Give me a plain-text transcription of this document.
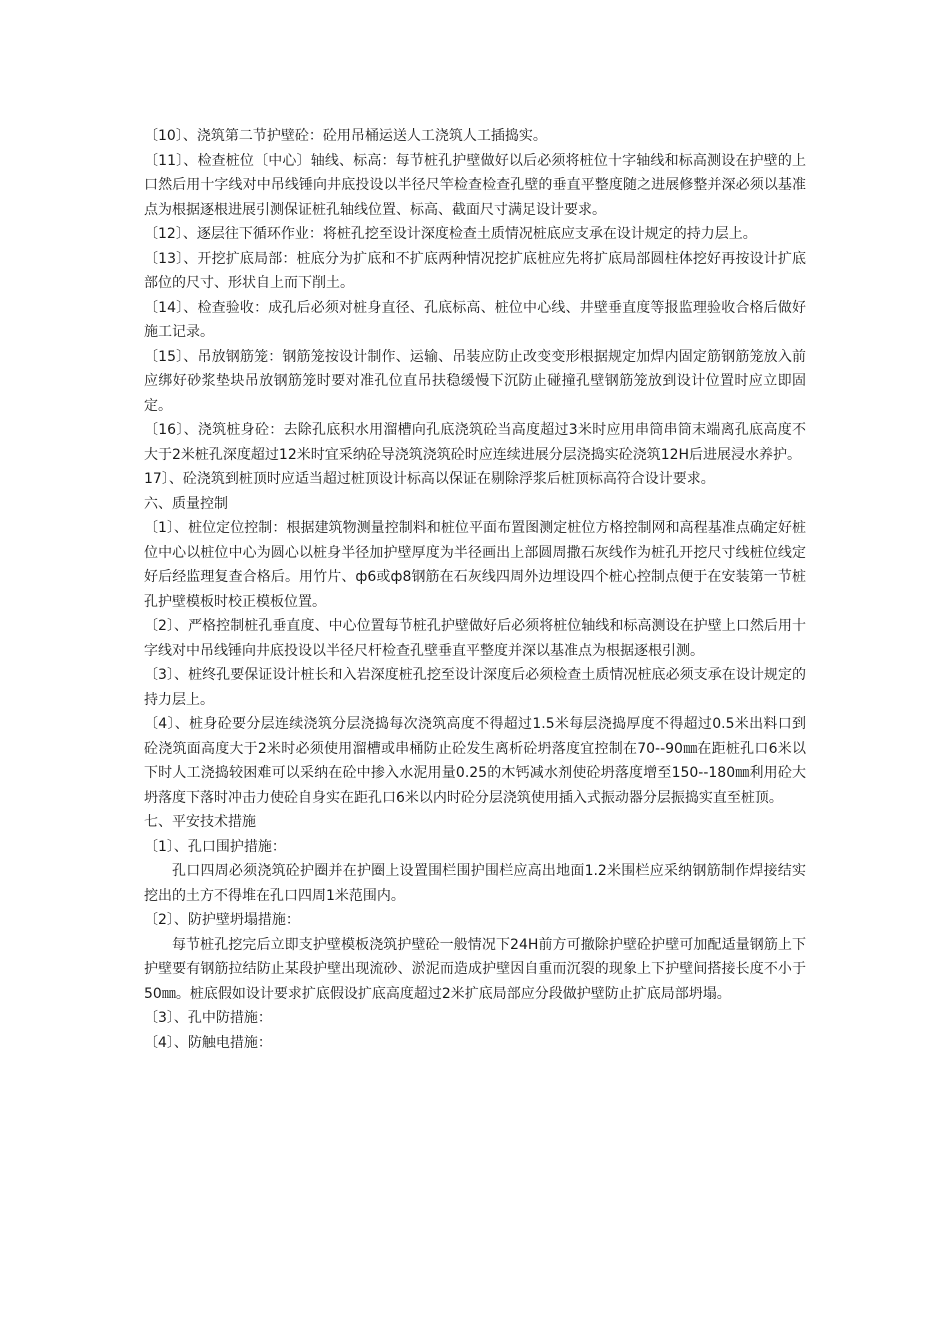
〔10〕、浇筑第二节护壁砼：砼用吊桶运送人工浇筑人工插捣实。

〔11〕、检查桩位〔中心〕轴线、标高：每节桩孔护壁做好以后必须将桩位十字轴线和标高测设在护壁的上口然后用十字线对中吊线锤向井底投设以半径尺竿检查检查孔壁的垂直平整度随之进展修整并深必须以基准点为根据逐根进展引测保证桩孔轴线位置、标高、截面尺寸满足设计要求。

〔12〕、逐层往下循环作业：将桩孔挖至设计深度检查土质情况桩底应支承在设计规定的持力层上。

〔13〕、开挖扩底局部：桩底分为扩底和不扩底两种情况挖扩底桩应先将扩底局部圆柱体挖好再按设计扩底部位的尺寸、形状自上而下削土。

〔14〕、检查验收：成孔后必须对桩身直径、孔底标高、桩位中心线、井壁垂直度等报监理验收合格后做好施工记录。

〔15〕、吊放钢筋笼：钢筋笼按设计制作、运输、吊装应防止改变变形根据规定加焊内固定筋钢筋笼放入前应绑好砂浆垫块吊放钢筋笼时要对准孔位直吊扶稳缓慢下沉防止碰撞孔壁钢筋笼放到设计位置时应立即固定。

〔16〕、浇筑桩身砼：去除孔底积水用溜槽向孔底浇筑砼当高度超过3米时应用串筒串筒末端离孔底高度不大于2米桩孔深度超过12米时宜采纳砼导浇筑浇筑砼时应连续进展分层浇捣实砼浇筑12H后进展浸水养护。

17〕、砼浇筑到桩顶时应适当超过桩顶设计标高以保证在剔除浮浆后桩顶标高符合设计要求。

六、质量控制

〔1〕、桩位定位控制：根据建筑物测量控制料和桩位平面布置图测定桩位方格控制网和高程基准点确定好桩位中心以桩位中心为圆心以桩身半径加护壁厚度为半径画出上部圆周撒石灰线作为桩孔开挖尺寸线桩位线定好后经监理复查合格后。用竹片、ф6或ф8钢筋在石灰线四周外边埋设四个桩心控制点便于在安装第一节桩孔护壁模板时校正模板位置。

〔2〕、严格控制桩孔垂直度、中心位置每节桩孔护壁做好后必须将桩位轴线和标高测设在护壁上口然后用十字线对中吊线锤向井底投设以半径尺杆检查孔壁垂直平整度并深以基准点为根据逐根引测。

〔3〕、桩终孔要保证设计桩长和入岩深度桩孔挖至设计深度后必须检查土质情况桩底必须支承在设计规定的持力层上。

〔4〕、桩身砼要分层连续浇筑分层浇捣每次浇筑高度不得超过1.5米每层浇捣厚度不得超过0.5米出料口到砼浇筑面高度大于2米时必须使用溜槽或串桶防止砼发生离析砼坍落度宜控制在70--90㎜在距桩孔口6米以下时人工浇捣较困难可以采纳在砼中掺入水泥用量0.25的木钙减水剂使砼坍落度增至150--180㎜利用砼大坍落度下落时冲击力使砼自身实在距孔口6米以内时砼分层浇筑使用插入式振动器分层振捣实直至桩顶。

七、平安技术措施

〔1〕、孔口围护措施：

孔口四周必须浇筑砼护圈并在护圈上设置围栏围护围栏应高出地面1.2米围栏应采纳钢筋制作焊接结实挖出的土方不得堆在孔口四周1米范围内。

〔2〕、防护壁坍塌措施：

每节桩孔挖完后立即支护壁模板浇筑护壁砼一般情况下24H前方可撤除护壁砼护壁可加配适量钢筋上下护壁要有钢筋拉结防止某段护壁出现流砂、淤泥而造成护壁因自重而沉裂的现象上下护壁间搭接长度不小于50㎜。桩底假如设计要求扩底假设扩底高度超过2米扩底局部应分段做护壁防止扩底局部坍塌。

〔3〕、孔中防措施：

〔4〕、防触电措施：
